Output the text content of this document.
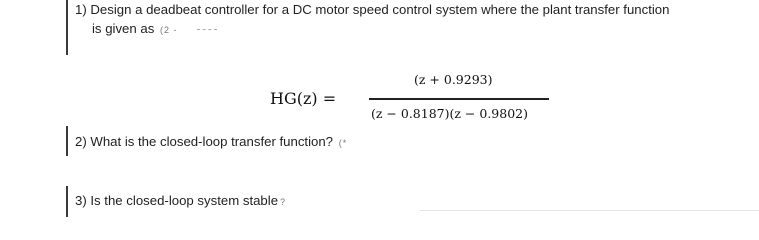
1) Design a deadbeat controller for a DC motor speed control system where the plant transfer function
is given as (2 -
HG(z) =
(z + 0.9293)
(z − 0.8187)(z − 0.9802)
2) What is the closed-loop transfer function? (*
3) Is the closed-loop system stable ?
